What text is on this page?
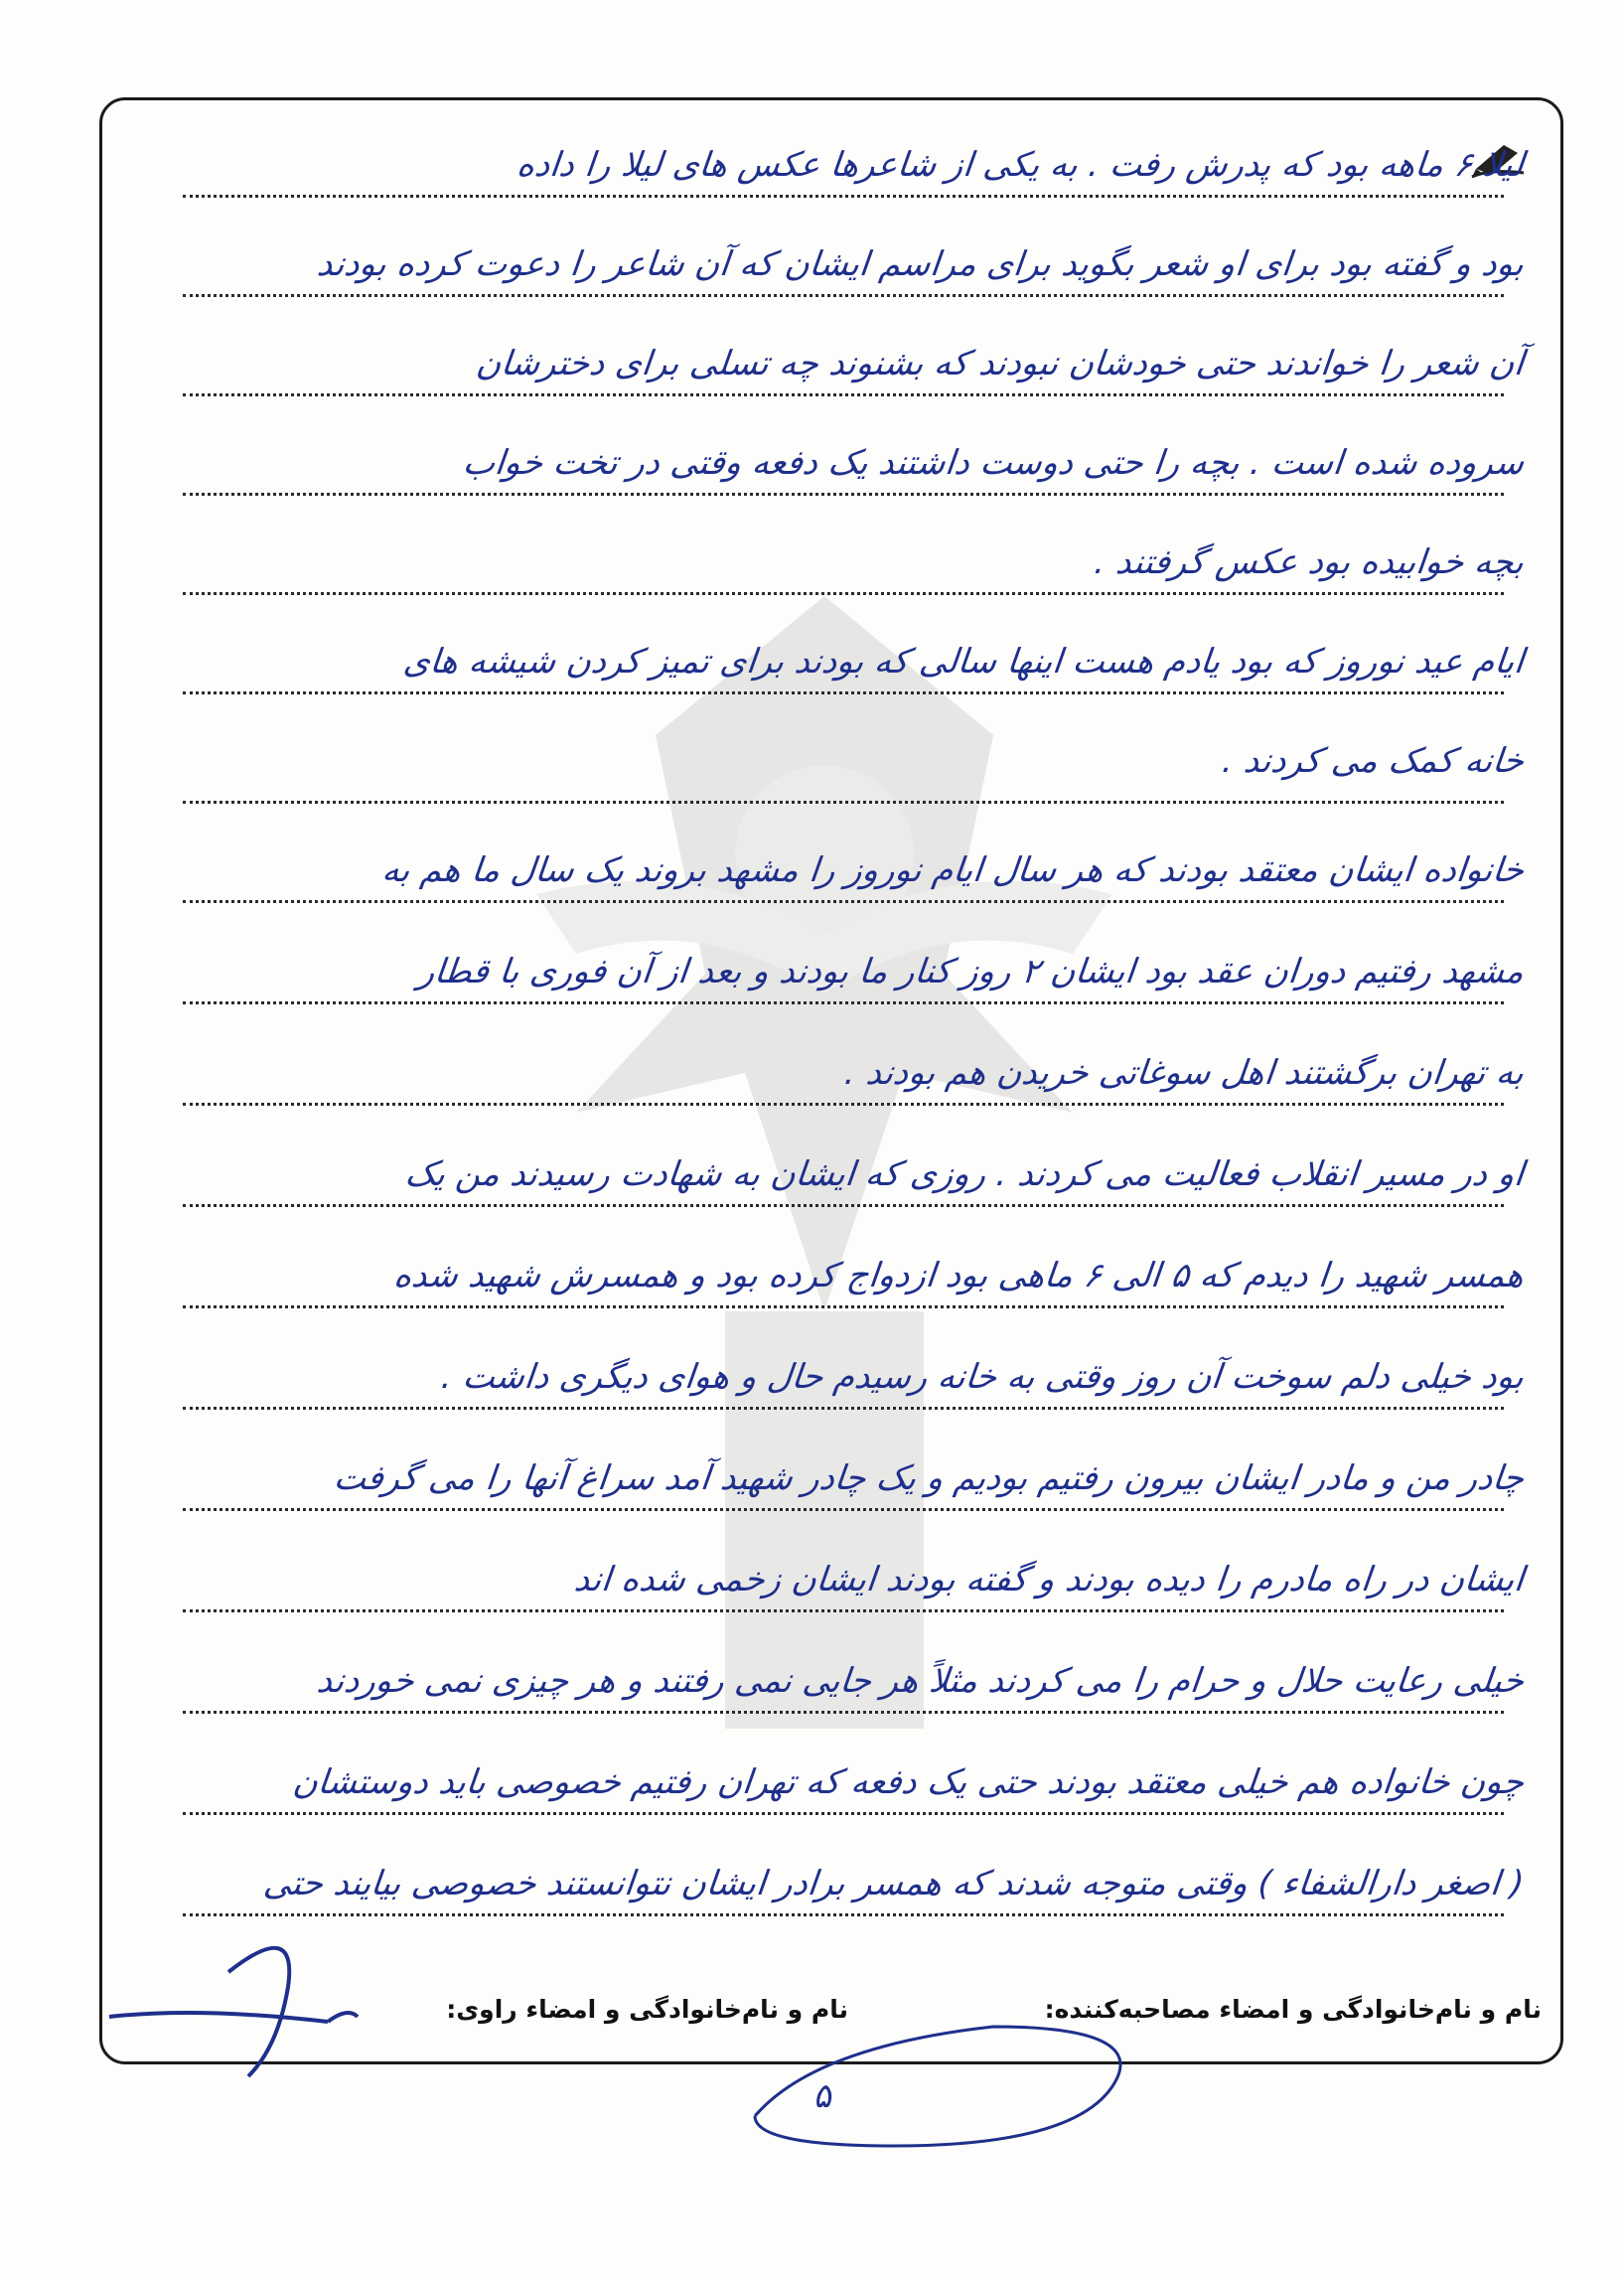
لیلا ۶ ماهه بود که پدرش رفت . به یکی از شاعرها عکس های لیلا را داده
بود و گفته بود برای او شعر بگوید برای مراسم ایشان که آن شاعر را دعوت کرده بودند
آن شعر را خواندند حتی خودشان نبودند که بشنوند چه تسلی برای دخترشان
سروده شده است . بچه را حتی دوست داشتند یک دفعه وقتی در تخت خواب
بچه خوابیده بود عکس گرفتند .
ایام عید نوروز که بود یادم هست اینها سالی که بودند برای تمیز کردن شیشه های
خانه کمک می کردند .
خانواده ایشان معتقد بودند که هر سال ایام نوروز را مشهد بروند یک سال ما هم به
مشهد رفتیم دوران عقد بود ایشان ۲ روز کنار ما بودند و بعد از آن فوری با قطار
به تهران برگشتند اهل سوغاتی خریدن هم بودند .
او در مسیر انقلاب فعالیت می کردند . روزی که ایشان به شهادت رسیدند من یک
همسر شهید را دیدم که ۵ الی ۶ ماهی بود ازدواج کرده بود و همسرش شهید شده
بود خیلی دلم سوخت آن روز وقتی به خانه رسیدم حال و هوای دیگری داشت .
چادر من و مادر ایشان بیرون رفتیم بودیم و یک چادر شهید آمد سراغ آنها را می گرفت
ایشان در راه مادرم را دیده بودند و گفته بودند ایشان زخمی شده اند
خیلی رعایت حلال و حرام را می کردند مثلاً هر جایی نمی رفتند و هر چیزی نمی خوردند
چون خانواده هم خیلی معتقد بودند حتی یک دفعه که تهران رفتیم خصوصی باید دوستشان
( اصغر دارالشفاء ) وقتی متوجه شدند که همسر برادر ایشان نتوانستند خصوصی بیایند حتی
نام و نام‌خانوادگی و امضاء مصاحبه‌کننده:
نام و نام‌خانوادگی و امضاء راوی:
۵
